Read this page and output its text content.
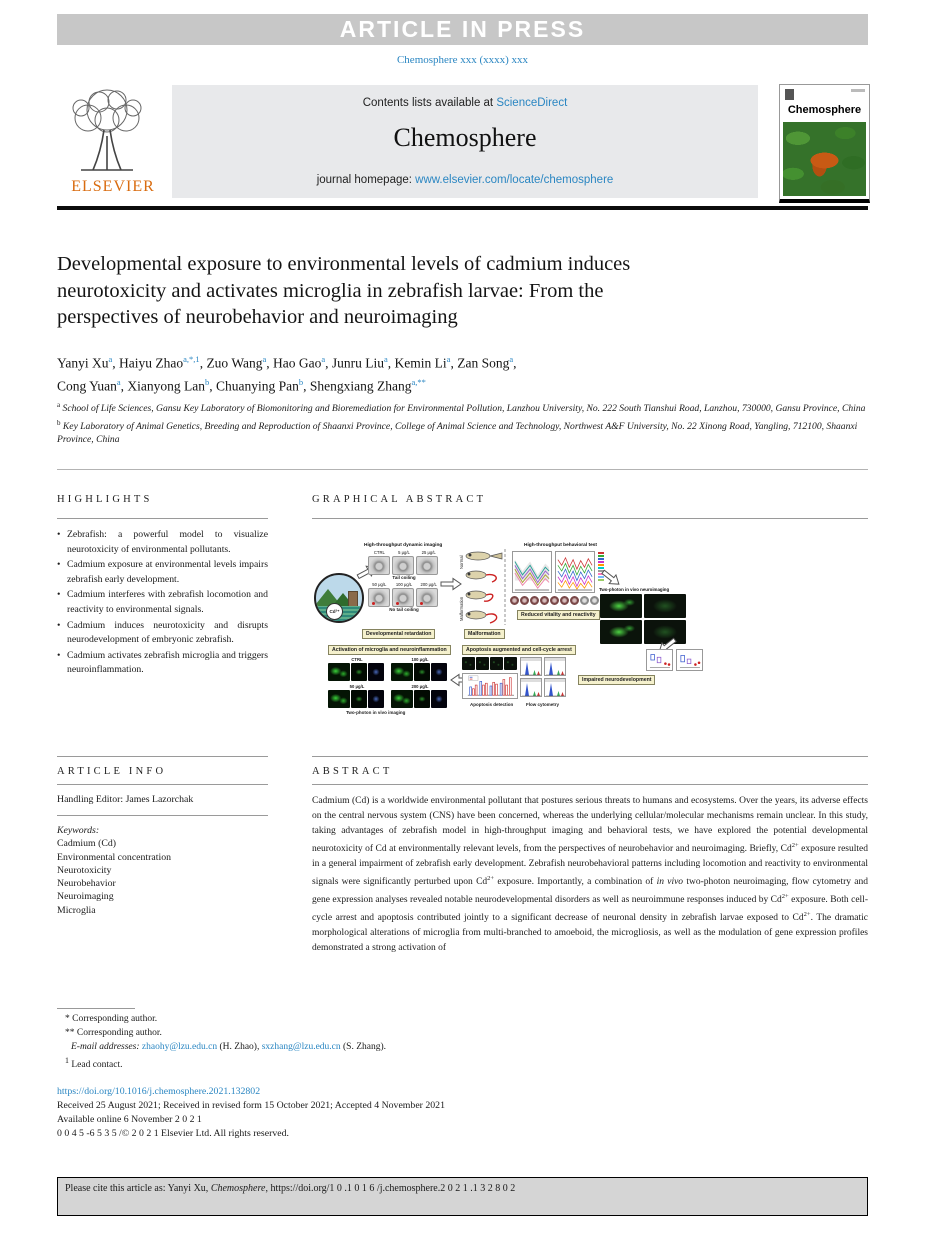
ARTICLE IN PRESS
Chemosphere xxx (xxxx) xxx
ELSEVIER
Contents lists available at ScienceDirect
Chemosphere
journal homepage: www.elsevier.com/locate/chemosphere
Chemosphere
Developmental exposure to environmental levels of cadmium induces
neurotoxicity and activates microglia in zebrafish larvae: From the
perspectives of neurobehavior and neuroimaging
Yanyi Xu$^a$, Haiyu Zhao$^{a,*,1}$, Zuo Wang$^a$, Hao Gao$^a$, Junru Liu$^a$, Kemin Li$^a$, Zan Song$^a$,
Cong Yuan$^a$, Xianyong Lan$^b$, Chuanying Pan$^b$, Shengxiang Zhang$^{a,**}$
$^a$ School of Life Sciences, Gansu Key Laboratory of Biomonitoring and Bioremediation for Environmental Pollution, Lanzhou University, No. 222 South Tianshui Road, Lanzhou, 730000, Gansu Province, China
$^b$ Key Laboratory of Animal Genetics, Breeding and Reproduction of Shaanxi Province, College of Animal Science and Technology, Northwest A&F University, No. 22 Xinong Road, Yangling, 712100, Shaanxi Province, China
HIGHLIGHTS
• Zebrafish: a powerful model to visualize neurotoxicity of environmental pollutants.
• Cadmium exposure at environmental levels impairs zebrafish early development.
• Cadmium interferes with zebrafish locomotion and reactivity to environmental signals.
• Cadmium induces neurotoxicity and disrupts neurodevelopment of embryonic zebrafish.
• Cadmium activates zebrafish microglia and triggers neuroinflammation.
GRAPHICAL ABSTRACT
Cd²⁺
High-throughput dynamic imaging
CTRL	5 μg/L	25 μg/L
Tail coiling
50 μg/L	100 μg/L	200 μg/L
No tail coiling
Developmental retardation
Normal
Malformation
Malformation
High-throughput behavioral test
Reduced vitality and reactivity
Two-photon in vivo neuroimaging
Impaired neurodevelopment
Activation of microglia and neuroinflammation
CTRL	100 μg/L
50 μg/L	200 μg/L
Two-photon in vivo imaging
Apoptosis augmented and cell-cycle arrest
Apoptosis detection	Flow cytometry
ARTICLE INFO
Handling Editor: James Lazorchak
Keywords:
Cadmium (Cd)
Environmental concentration
Neurotoxicity
Neurobehavior
Neuroimaging
Microglia
ABSTRACT
Cadmium (Cd) is a worldwide environmental pollutant that postures serious threats to humans and ecosystems. Over the years, its adverse effects on the central nervous system (CNS) have been concerned, whereas the underlying cellular/molecular mechanisms remain unclear. In this study, taking advantages of zebrafish model in high-throughput imaging and behavioral tests, we have explored the potential developmental neurotoxicity of Cd at environmentally relevant levels, from the perspectives of neurobehavior and neuroimaging. Briefly, $Cd^{2+}$ exposure resulted in a general impairment of zebrafish early development. Zebrafish neurobehavioral patterns including locomotion and reactivity to environmental signals were significantly perturbed upon $Cd^{2+}$ exposure. Importantly, a combination of in vivo two-photon neuroimaging, flow cytometry and gene expression analyses revealed notable neurodevelopmental disorders as well as neuroimmune responses induced by $Cd^{2+}$ exposure. Both cell-cycle arrest and apoptosis contributed jointly to a significant decrease of neuronal density in zebrafish larvae exposed to $Cd^{2+}$. The dramatic morphological alterations of microglia from multi-branched to amoeboid, the microgliosis, as well as the modulation of gene expression profiles demonstrated a strong activation of
* Corresponding author.
** Corresponding author.
E-mail addresses: zhaohy@lzu.edu.cn (H. Zhao), sxzhang@lzu.edu.cn (S. Zhang).
$^1$ Lead contact.
https://doi.org/10.1016/j.chemosphere.2021.132802
Received 25 August 2021; Received in revised form 15 October 2021; Accepted 4 November 2021
Available online 6 November 2 0 2 1
0 0 4 5 -6 5 3 5 /© 2 0 2 1 Elsevier Ltd. All rights reserved.
Please cite this article as: Yanyi Xu, Chemosphere, https://doi.org/1 0 .1 0 1 6 /j.chemosphere.2 0 2 1 .1 3 2 8 0 2
